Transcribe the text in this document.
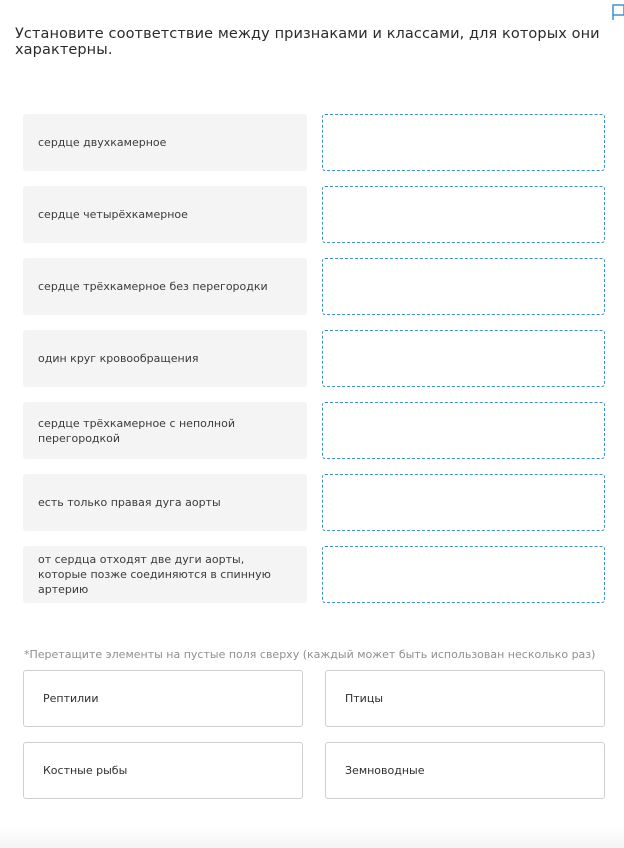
Установите соответствие между признаками и классами, для которых они характерны.
сердце двухкамерное
сердце четырёхкамерное
сердце трёхкамерное без перегородки
один круг кровообращения
сердце трёхкамерное с неполной перегородкой
есть только правая дуга аорты
от сердца отходят две дуги аорты, которые позже соединяются в спинную артерию
*Перетащите элементы на пустые поля сверху (каждый может быть использован несколько раз)
Рептилии	Птицы
Костные рыбы	Земноводные
